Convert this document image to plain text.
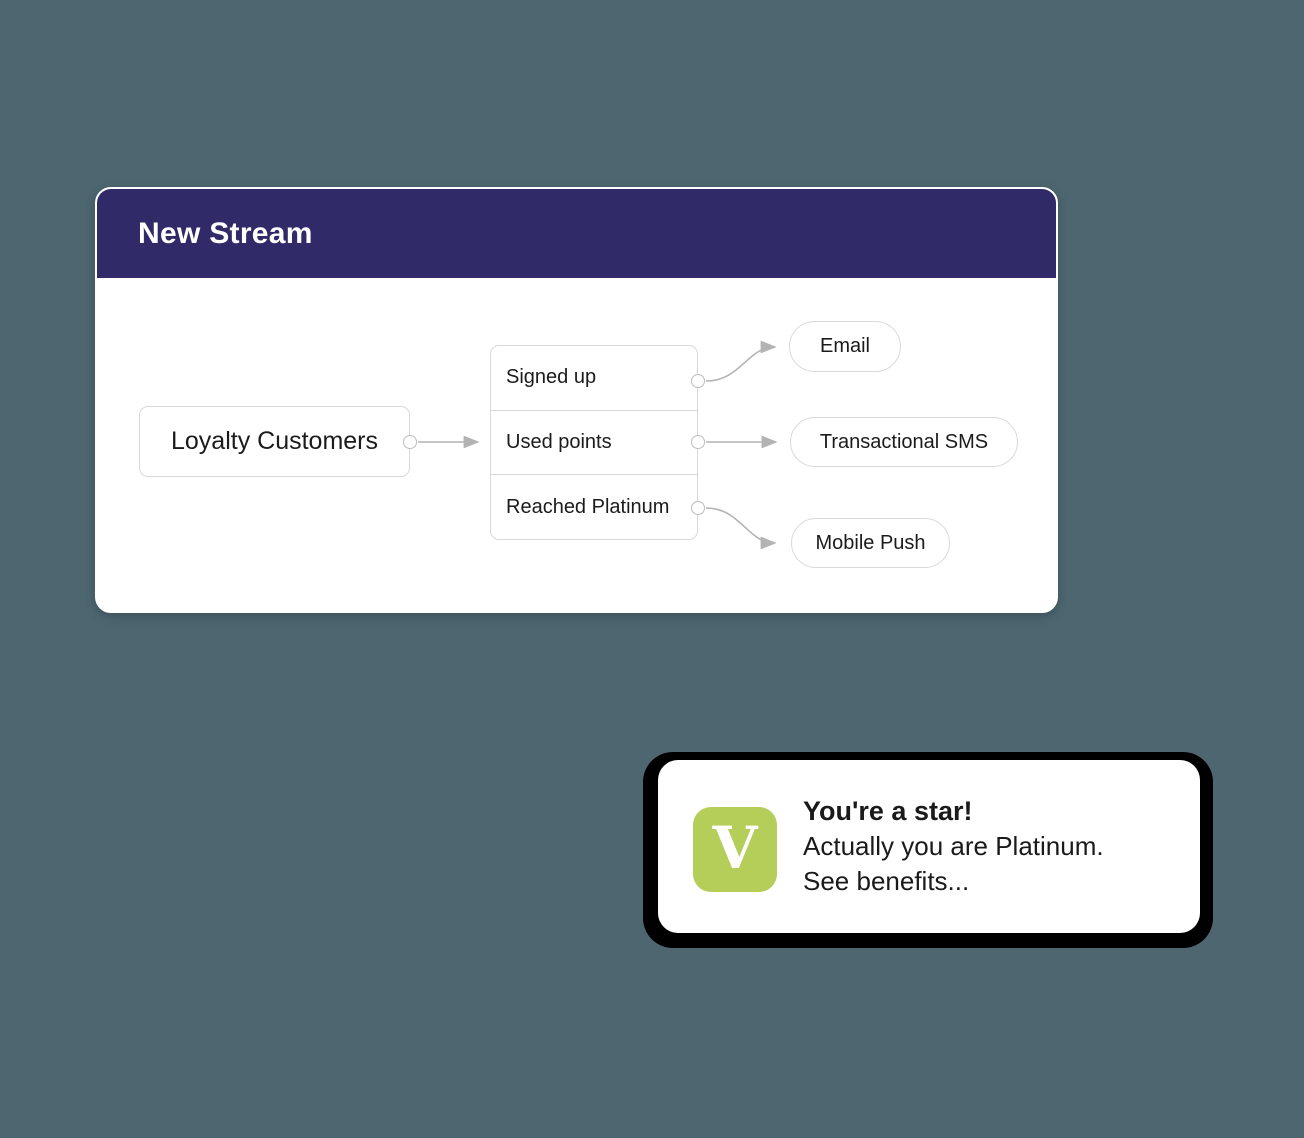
New Stream
Loyalty Customers
Signed up
Used points
Reached Platinum
Email
Transactional SMS
Mobile Push
V
You're a star!
Actually you are Platinum.
See benefits...
